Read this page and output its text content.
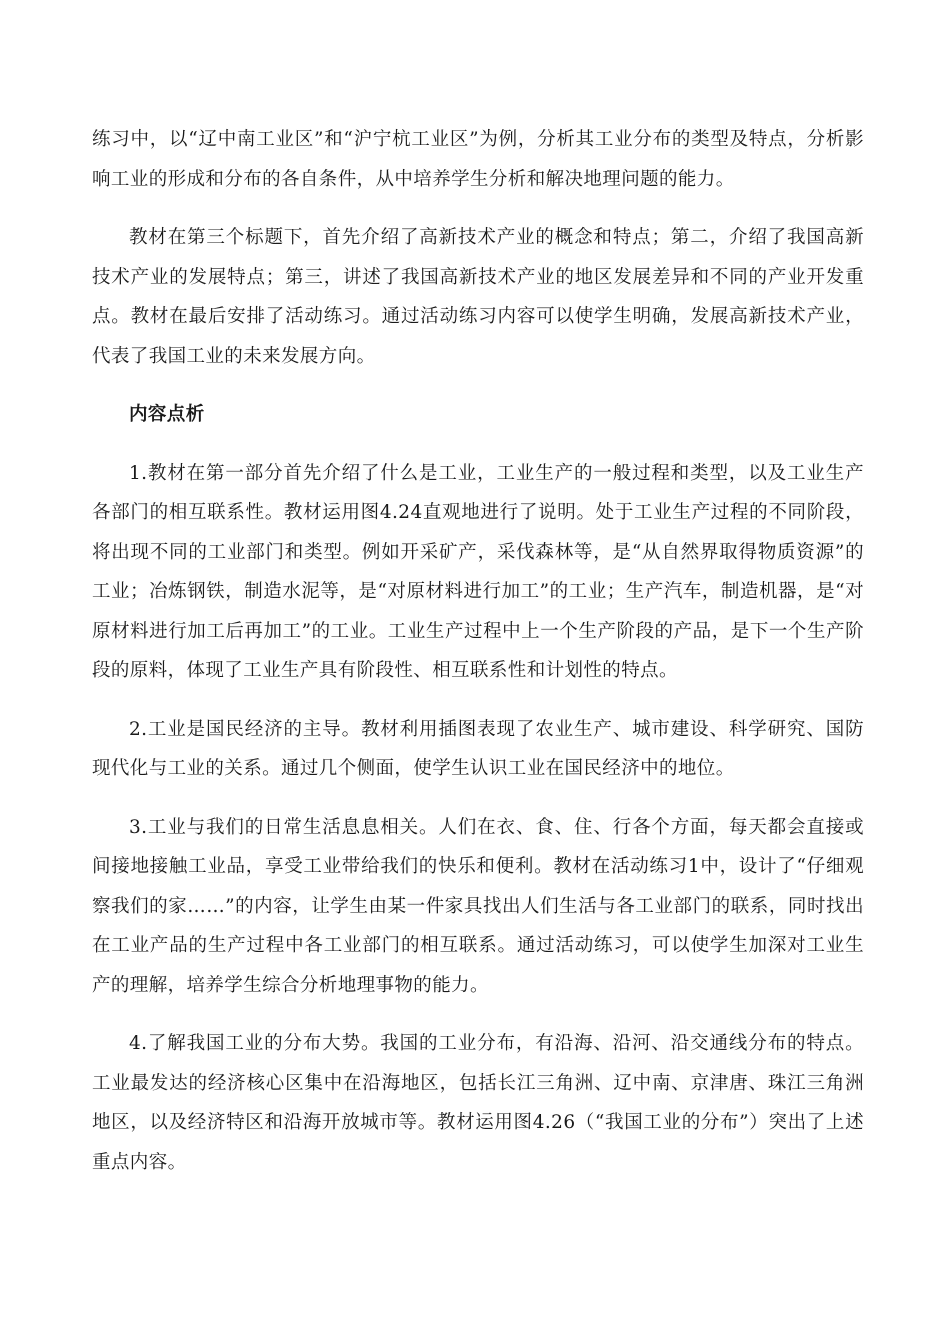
练习中，以“辽中南工业区”和“沪宁杭工业区”为例，分析其工业分布的类型及特点，分析影响工业的形成和分布的各自条件，从中培养学生分析和解决地理问题的能力。

教材在第三个标题下，首先介绍了高新技术产业的概念和特点；第二，介绍了我国高新技术产业的发展特点；第三，讲述了我国高新技术产业的地区发展差异和不同的产业开发重点。教材在最后安排了活动练习。通过活动练习内容可以使学生明确，发展高新技术产业，代表了我国工业的未来发展方向。

内容点析

1.教材在第一部分首先介绍了什么是工业，工业生产的一般过程和类型，以及工业生产各部门的相互联系性。教材运用图4.24直观地进行了说明。处于工业生产过程的不同阶段，将出现不同的工业部门和类型。例如开采矿产，采伐森林等，是“从自然界取得物质资源”的工业；冶炼钢铁，制造水泥等，是“对原材料进行加工”的工业；生产汽车，制造机器，是“对原材料进行加工后再加工”的工业。工业生产过程中上一个生产阶段的产品，是下一个生产阶段的原料，体现了工业生产具有阶段性、相互联系性和计划性的特点。

2.工业是国民经济的主导。教材利用插图表现了农业生产、城市建设、科学研究、国防现代化与工业的关系。通过几个侧面，使学生认识工业在国民经济中的地位。

3.工业与我们的日常生活息息相关。人们在衣、食、住、行各个方面，每天都会直接或间接地接触工业品，享受工业带给我们的快乐和便利。教材在活动练习1中，设计了“仔细观察我们的家……”的内容，让学生由某一件家具找出人们生活与各工业部门的联系，同时找出在工业产品的生产过程中各工业部门的相互联系。通过活动练习，可以使学生加深对工业生产的理解，培养学生综合分析地理事物的能力。

4.了解我国工业的分布大势。我国的工业分布，有沿海、沿河、沿交通线分布的特点。工业最发达的经济核心区集中在沿海地区，包括长江三角洲、辽中南、京津唐、珠江三角洲地区，以及经济特区和沿海开放城市等。教材运用图4.26（“我国工业的分布”）突出了上述重点内容。
